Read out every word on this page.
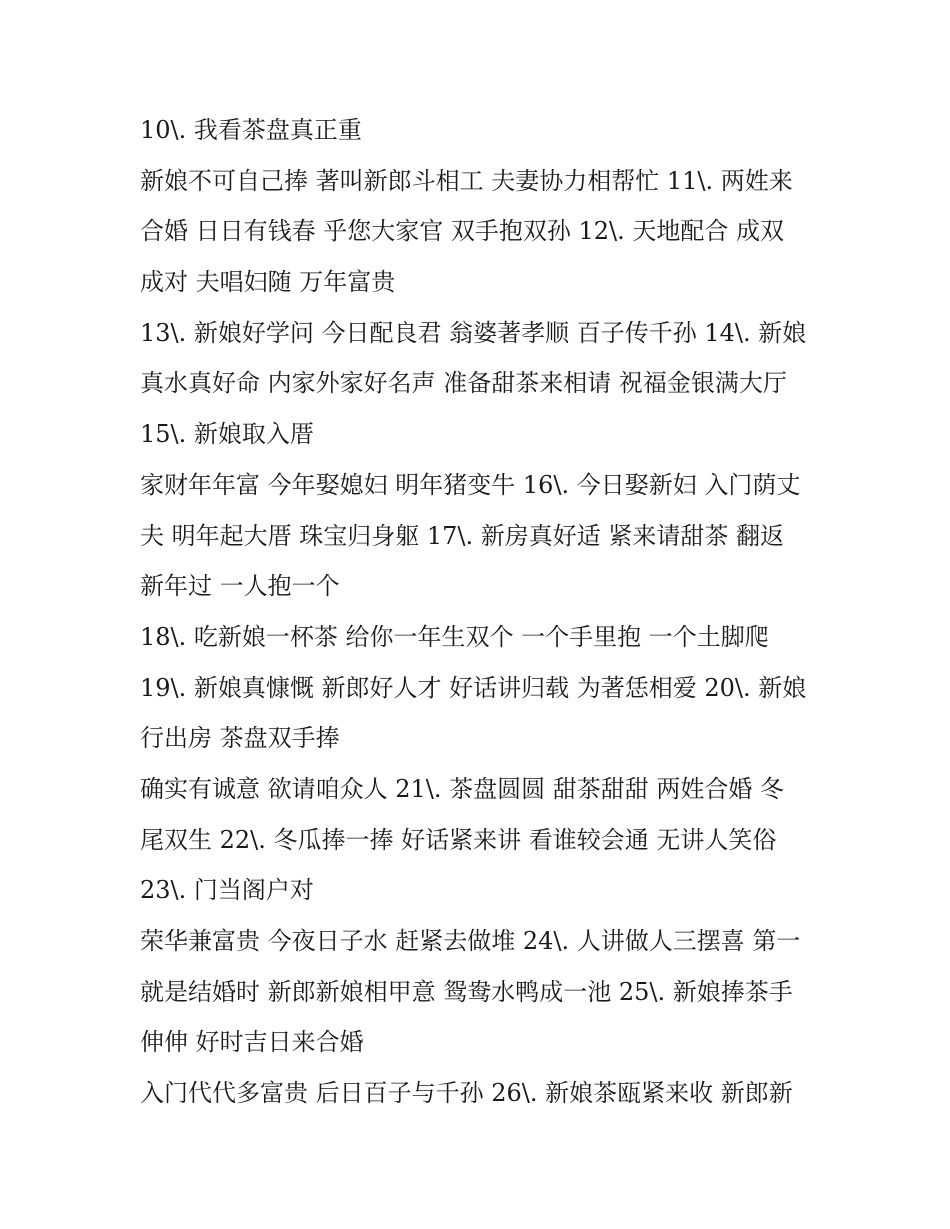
10\. 我看茶盘真正重
新娘不可自己捧 著叫新郎斗相工 夫妻协力相帮忙 11\. 两姓来
合婚 日日有钱春 乎您大家官 双手抱双孙 12\. 天地配合 成双
成对 夫唱妇随 万年富贵
13\. 新娘好学问 今日配良君 翁婆著孝顺 百子传千孙 14\. 新娘
真水真好命 内家外家好名声 准备甜茶来相请 祝福金银满大厅
15\. 新娘取入厝
家财年年富 今年娶媳妇 明年猪变牛 16\. 今日娶新妇 入门荫丈
夫 明年起大厝 珠宝归身躯 17\. 新房真好适 紧来请甜茶 翻返
新年过 一人抱一个
18\. 吃新娘一杯茶 给你一年生双个 一个手里抱 一个土脚爬
19\. 新娘真慷慨 新郎好人才 好话讲归载 为著恁相爱 20\. 新娘
行出房 茶盘双手捧
确实有诚意 欲请咱众人 21\. 茶盘圆圆 甜茶甜甜 两姓合婚 冬
尾双生 22\. 冬瓜捧一捧 好话紧来讲 看谁较会通 无讲人笑俗
23\. 门当阁户对
荣华兼富贵 今夜日子水 赶紧去做堆 24\. 人讲做人三摆喜 第一
就是结婚时 新郎新娘相甲意 鸳鸯水鸭成一池 25\. 新娘捧茶手
伸伸 好时吉日来合婚
入门代代多富贵 后日百子与千孙 26\. 新娘茶瓯紧来收 新郎新
